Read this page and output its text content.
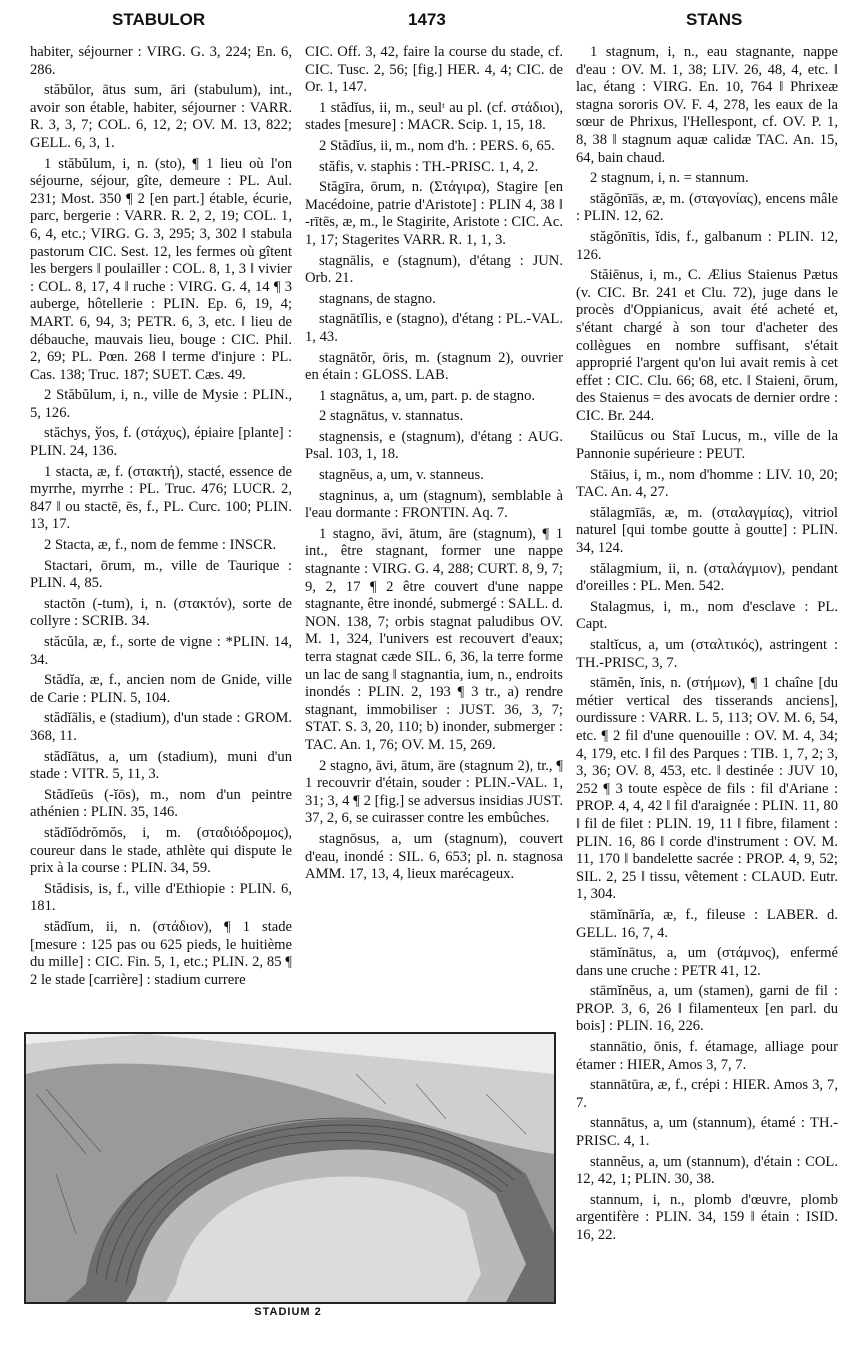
STABULOR	1473	STANS

habiter, séjourner : VIRG. G. 3, 224; En. 6, 286.

stăbŭlor, ātus sum, āri (stabulum), int., avoir son étable, habiter, séjourner : VARR. R. 3, 3, 7; COL. 6, 12, 2; OV. M. 13, 822; GELL. 6, 3, 1.

1 stăbŭlum, i, n. (sto), ¶ 1 lieu où l'on séjourne, séjour, gîte, demeure : PL. Aul. 231; Most. 350 ¶ 2 [en part.] étable, écurie, parc, bergerie : VARR. R. 2, 2, 19; COL. 1, 6, 4, etc.; VIRG. G. 3, 295; 3, 302 ‖ stabula pastorum CIC. Sest. 12, les fermes où gîtent les bergers ‖ poulailler : COL. 8, 1, 3 ‖ vivier : COL. 8, 17, 4 ‖ ruche : VIRG. G. 4, 14 ¶ 3 auberge, hôtellerie : PLIN. Ep. 6, 19, 4; MART. 6, 94, 3; PETR. 6, 3, etc. ‖ lieu de débauche, mauvais lieu, bouge : CIC. Phil. 2, 69; PL. Pœn. 268 ‖ terme d'injure : PL. Cas. 138; Truc. 187; SUET. Cæs. 49.

2 Stăbŭlum, i, n., ville de Mysie : PLIN., 5, 126.

stăchys, ўos, f. (στάχυς), épiaire [plante] : PLIN. 24, 136.

1 stacta, æ, f. (στακτή), stacté, essence de myrrhe, myrrhe : PL. Truc. 476; LUCR. 2, 847 ‖ ou stactē, ēs, f., PL. Curc. 100; PLIN. 13, 17.

2 Stacta, æ, f., nom de femme : INSCR.

Stactari, ōrum, m., ville de Taurique : PLIN. 4, 85.

stactŏn (-tum), i, n. (στακτόν), sorte de collyre : SCRIB. 34.

stăcŭla, æ, f., sorte de vigne : *PLIN. 14, 34.

Stădĭa, æ, f., ancien nom de Gnide, ville de Carie : PLIN. 5, 104.

stădĭālis, e (stadium), d'un stade : GROM. 368, 11.

stădĭātus, a, um (stadium), muni d'un stade : VITR. 5, 11, 3.

Stădĭeūs (-ĭōs), m., nom d'un peintre athénien : PLIN. 35, 146.

stădĭŏdrŏmŏs, i, m. (σταδιόδρομος), coureur dans le stade, athlète qui dispute le prix à la course : PLIN. 34, 59.

Stădisis, is, f., ville d'Ethiopie : PLIN. 6, 181.

stădĭum, ii, n. (στάδιον), ¶ 1 stade [mesure : 125 pas ou 625 pieds, le huitième du mille] : CIC. Fin. 5, 1, etc.; PLIN. 2, 85 ¶ 2 le stade [carrière] : stadium currere

CIC. Off. 3, 42, faire la course du stade, cf. CIC. Tusc. 2, 56; [fig.] HER. 4, 4; CIC. de Or. 1, 147.

1 stădĭus, ii, m., seulᵗ au pl. (cf. στάδιοι), stades [mesure] : MACR. Scip. 1, 15, 18.

2 Stădĭus, ii, m., nom d'h. : PERS. 6, 65.

stăfis, v. staphis : TH.-PRISC. 1, 4, 2.

Stăgīra, ōrum, n. (Στάγιρα), Stagire [en Macédoine, patrie d'Aristote] : PLIN 4, 38 ‖ -rītēs, æ, m., le Stagirite, Aristote : CIC. Ac. 1, 17; Stagerites VARR. R. 1, 1, 3.

stagnālis, e (stagnum), d'étang : JUN. Orb. 21.

stagnans, de stagno.

stagnātĭlis, e (stagno), d'étang : PL.-VAL. 1, 43.

stagnātŏr, ōris, m. (stagnum 2), ouvrier en étain : GLOSS. LAB.

1 stagnātus, a, um, part. p. de stagno.

2 stagnātus, v. stannatus.

stagnensis, e (stagnum), d'étang : AUG. Psal. 103, 1, 18.

stagnĕus, a, um, v. stanneus.

stagninus, a, um (stagnum), semblable à l'eau dormante : FRONTIN. Aq. 7.

1 stagno, āvi, ātum, āre (stagnum), ¶ 1 int., être stagnant, former une nappe stagnante : VIRG. G. 4, 288; CURT. 8, 9, 7; 9, 2, 17 ¶ 2 être couvert d'une nappe stagnante, être inondé, submergé : SALL. d. NON. 138, 7; orbis stagnat paludibus OV. M. 1, 324, l'univers est recouvert d'eaux; terra stagnat cæde SIL. 6, 36, la terre forme un lac de sang ‖ stagnantia, ium, n., endroits inondés : PLIN. 2, 193 ¶ 3 tr., a) rendre stagnant, immobiliser : JUST. 36, 3, 7; STAT. S. 3, 20, 110; b) inonder, submerger : TAC. An. 1, 76; OV. M. 15, 269.

2 stagno, āvi, ātum, āre (stagnum 2), tr., ¶ 1 recouvrir d'étain, souder : PLIN.-VAL. 1, 31; 3, 4 ¶ 2 [fig.] se adversus insidias JUST. 37, 2, 6, se cuirasser contre les embûches.

stagnōsus, a, um (stagnum), couvert d'eau, inondé : SIL. 6, 653; pl. n. stagnosa AMM. 17, 13, 4, lieux marécageux.

1 stagnum, i, n., eau stagnante, nappe d'eau : OV. M. 1, 38; LIV. 26, 48, 4, etc. ‖ lac, étang : VIRG. En. 10, 764 ‖ Phrixeæ stagna sororis OV. F. 4, 278, les eaux de la sœur de Phrixus, l'Hellespont, cf. OV. P. 1, 8, 38 ‖ stagnum aquæ calidæ TAC. An. 15, 64, bain chaud.

2 stagnum, i, n. = stannum.

stăgŏnīās, æ, m. (σταγονίας), encens mâle : PLIN. 12, 62.

stăgŏnītis, ĭdis, f., galbanum : PLIN. 12, 126.

Stăiēnus, i, m., C. Ælius Staienus Pætus (v. CIC. Br. 241 et Clu. 72), juge dans le procès d'Oppianicus, avait été acheté et, s'étant chargé à son tour d'acheter des collègues en nombre suffisant, s'était approprié l'argent qu'on lui avait remis à cet effet : CIC. Clu. 66; 68, etc. ‖ Staieni, ōrum, des Staienus = des avocats de dernier ordre : CIC. Br. 244.

Stailŭcus ou Staī Lucus, m., ville de la Pannonie supérieure : PEUT.

Stāius, i, m., nom d'homme : LIV. 10, 20; TAC. An. 4, 27.

stălagmīās, æ, m. (σταλαγμίας), vitriol naturel [qui tombe goutte à goutte] : PLIN. 34, 124.

stălagmium, ii, n. (σταλάγμιον), pendant d'oreilles : PL. Men. 542.

Stalagmus, i, m., nom d'esclave : PL. Capt.

staltĭcus, a, um (σταλτικός), astringent : TH.-PRISC, 3, 7.

stāmĕn, ĭnis, n. (στήμων), ¶ 1 chaîne [du métier vertical des tisserands anciens], ourdissure : VARR. L. 5, 113; OV. M. 6, 54, etc. ¶ 2 fil d'une quenouille : OV. M. 4, 34; 4, 179, etc. ‖ fil des Parques : TIB. 1, 7, 2; 3, 3, 36; OV. 8, 453, etc. ‖ destinée : JUV 10, 252 ¶ 3 toute espèce de fils : fil d'Ariane : PROP. 4, 4, 42 ‖ fil d'araignée : PLIN. 11, 80 ‖ fil de filet : PLIN. 19, 11 ‖ fibre, filament : PLIN. 16, 86 ‖ corde d'instrument : OV. M. 11, 170 ‖ bandelette sacrée : PROP. 4, 9, 52; SIL. 2, 25 ‖ tissu, vêtement : CLAUD. Eutr. 1, 304.

stāmĭnārĭa, æ, f., fileuse : LABER. d. GELL. 16, 7, 4.

stāmĭnātus, a, um (στάμνος), enfermé dans une cruche : PETR 41, 12.

stāmĭnĕus, a, um (stamen), garni de fil : PROP. 3, 6, 26 ‖ filamenteux [en parl. du bois] : PLIN. 16, 226.

stannātio, ōnis, f. étamage, alliage pour étamer : HIER, Amos 3, 7, 7.

stannātūra, æ, f., crépi : HIER. Amos 3, 7, 7.

stannātus, a, um (stannum), étamé : TH.-PRISC. 4, 1.

stannĕus, a, um (stannum), d'étain : COL. 12, 42, 1; PLIN. 30, 38.

stannum, i, n., plomb d'œuvre, plomb argentifère : PLIN. 34, 159 ‖ étain : ISID. 16, 22.

STADIUM 2
